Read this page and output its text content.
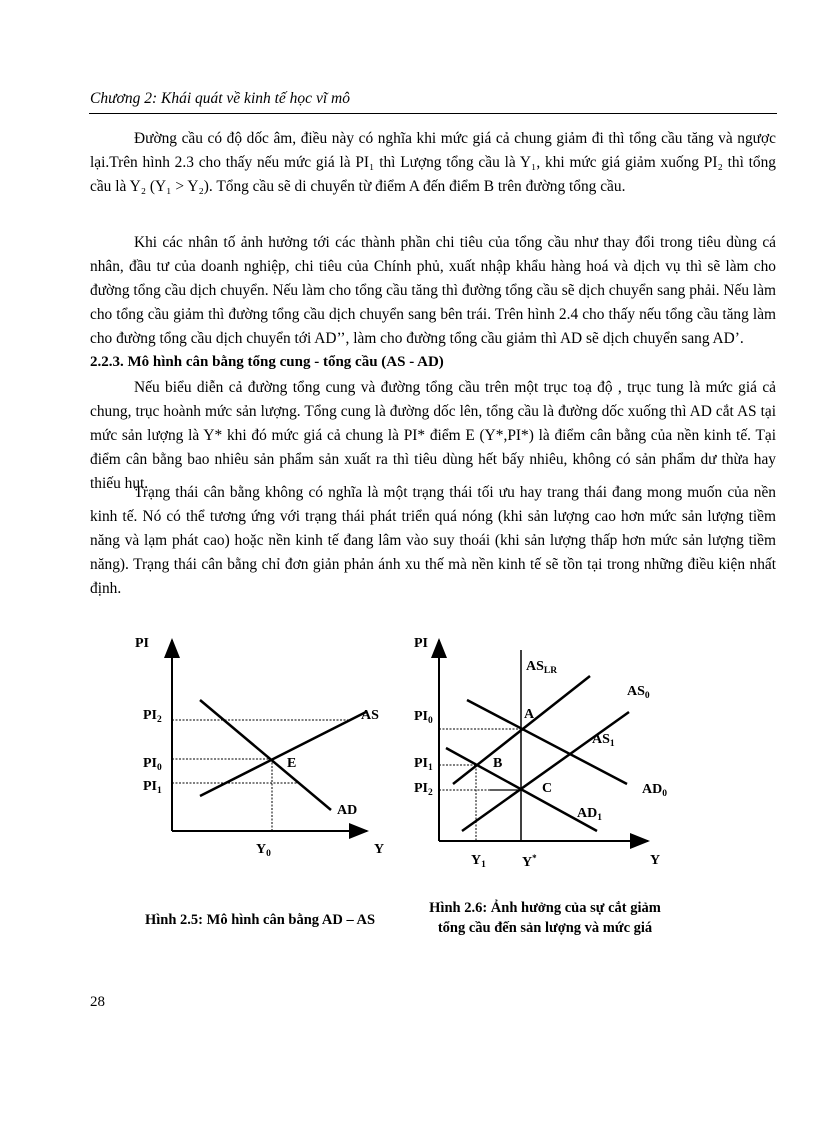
Chương 2: Khái quát về kinh tế học vĩ mô
Đường cầu có độ dốc âm, điều này có nghĩa khi mức giá cả chung giảm đi thì tổng cầu tăng và ngược lại.Trên hình 2.3 cho thấy nếu mức giá là PI₁ thì Lượng tổng cầu là Y₁, khi mức giá giảm xuống PI₂ thì tổng cầu là Y₂ (Y₁ > Y₂). Tổng cầu sẽ di chuyển từ điểm A đến điểm B trên đường tổng cầu.
Khi các nhân tố ảnh hưởng tới các thành phần chi tiêu của tổng cầu như thay đổi trong tiêu dùng cá nhân, đầu tư của doanh nghiệp, chi tiêu của Chính phủ, xuất nhập khẩu hàng hoá và dịch vụ thì sẽ làm cho đường tổng cầu dịch chuyển. Nếu làm cho tổng cầu tăng thì đường tổng cầu sẽ dịch chuyển sang phải. Nếu làm cho tổng cầu giảm thì đường tổng cầu dịch chuyển sang bên trái. Trên hình 2.4 cho thấy nếu tổng cầu tăng làm cho đường tổng cầu dịch chuyển tới AD’’, làm cho đường tổng cầu giảm thì AD sẽ dịch chuyển sang AD’.
2.2.3. Mô hình cân bằng tổng cung - tổng cầu (AS - AD)
Nếu biểu diễn cả đường tổng cung và đường tổng cầu trên một trục toạ độ , trục tung là mức giá cả chung, trục hoành mức sản lượng. Tổng cung là đường dốc lên, tổng cầu là đường dốc xuống thì AD cắt AS tại mức sản lượng là Y* khi đó mức giá cả chung là PI* điểm E (Y*,PI*) là điểm cân bằng của nền kinh tế. Tại điểm cân bằng bao nhiêu sản phẩm sản xuất ra thì tiêu dùng hết bấy nhiêu, không có sản phẩm dư thừa hay thiếu hụt.
Trạng thái cân bằng không có nghĩa là một trạng thái tối ưu hay trang thái đang mong muốn của nền kinh tế. Nó có thể tương ứng với trạng thái phát triển quá nóng (khi sản lượng cao hơn mức sản lượng tiềm năng và lạm phát cao) hoặc nền kinh tế đang lâm vào suy thoái (khi sản lượng thấp hơn mức sản lượng tiềm năng). Trạng thái cân bằng chỉ đơn giản phản ánh xu thế mà nền kinh tế sẽ tồn tại trong những điều kiện nhất định.
PI
Y
$PI_2$
$PI_0$
$PI_1$
AS
E
AD
$Y_0$
Hình 2.5: Mô hình cân bằng AD – AS
PI
Y
$AS_{LR}$
$AS_0$
$AS_1$
$AD_0$
$AD_1$
$PI_0$
$PI_1$
$PI_2$
A
B
C
$Y_1$	Y*
Hình 2.6: Ảnh hưởng của sự cắt giảm
tổng cầu đến sản lượng và mức giá
28
